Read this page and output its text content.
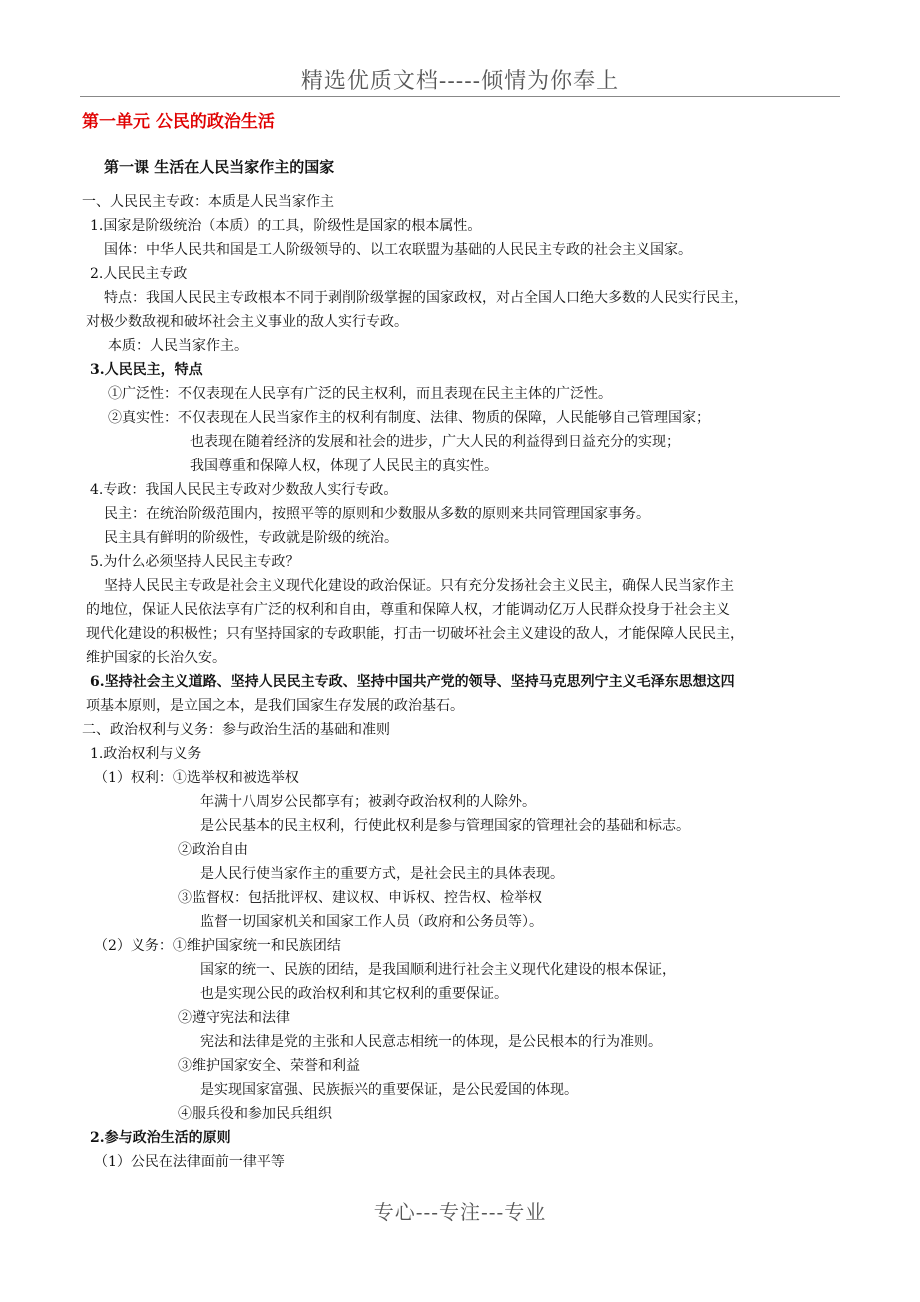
精选优质文档-----倾情为你奉上
第一单元 公民的政治生活
第一课 生活在人民当家作主的国家
一、人民民主专政：本质是人民当家作主
1.国家是阶级统治（本质）的工具，阶级性是国家的根本属性。
国体：中华人民共和国是工人阶级领导的、以工农联盟为基础的人民民主专政的社会主义国家。
2.人民民主专政
特点：我国人民民主专政根本不同于剥削阶级掌握的国家政权，对占全国人口绝大多数的人民实行民主，
对极少数敌视和破坏社会主义事业的敌人实行专政。
本质：人民当家作主。
3.人民民主，特点
①广泛性：不仅表现在人民享有广泛的民主权利，而且表现在民主主体的广泛性。
②真实性：不仅表现在人民当家作主的权利有制度、法律、物质的保障，人民能够自己管理国家；
也表现在随着经济的发展和社会的进步，广大人民的利益得到日益充分的实现；
我国尊重和保障人权，体现了人民民主的真实性。
4.专政：我国人民民主专政对少数敌人实行专政。
民主：在统治阶级范围内，按照平等的原则和少数服从多数的原则来共同管理国家事务。
民主具有鲜明的阶级性，专政就是阶级的统治。
5.为什么必须坚持人民民主专政？
坚持人民民主专政是社会主义现代化建设的政治保证。只有充分发扬社会主义民主，确保人民当家作主
的地位，保证人民依法享有广泛的权利和自由，尊重和保障人权，才能调动亿万人民群众投身于社会主义
现代化建设的积极性；只有坚持国家的专政职能，打击一切破坏社会主义建设的敌人，才能保障人民民主，
维护国家的长治久安。
6.坚持社会主义道路、坚持人民民主专政、坚持中国共产党的领导、坚持马克思列宁主义毛泽东思想这四
项基本原则，是立国之本，是我们国家生存发展的政治基石。
二、政治权利与义务：参与政治生活的基础和准则
1.政治权利与义务
（1）权利：①选举权和被选举权
年满十八周岁公民都享有；被剥夺政治权利的人除外。
是公民基本的民主权利，行使此权利是参与管理国家的管理社会的基础和标志。
②政治自由
是人民行使当家作主的重要方式，是社会民主的具体表现。
③监督权：包括批评权、建议权、申诉权、控告权、检举权
监督一切国家机关和国家工作人员（政府和公务员等）。
（2）义务：①维护国家统一和民族团结
国家的统一、民族的团结，是我国顺利进行社会主义现代化建设的根本保证，
也是实现公民的政治权利和其它权利的重要保证。
②遵守宪法和法律
宪法和法律是党的主张和人民意志相统一的体现，是公民根本的行为准则。
③维护国家安全、荣誉和利益
是实现国家富强、民族振兴的重要保证，是公民爱国的体现。
④服兵役和参加民兵组织
2.参与政治生活的原则
（1）公民在法律面前一律平等
专心---专注---专业
